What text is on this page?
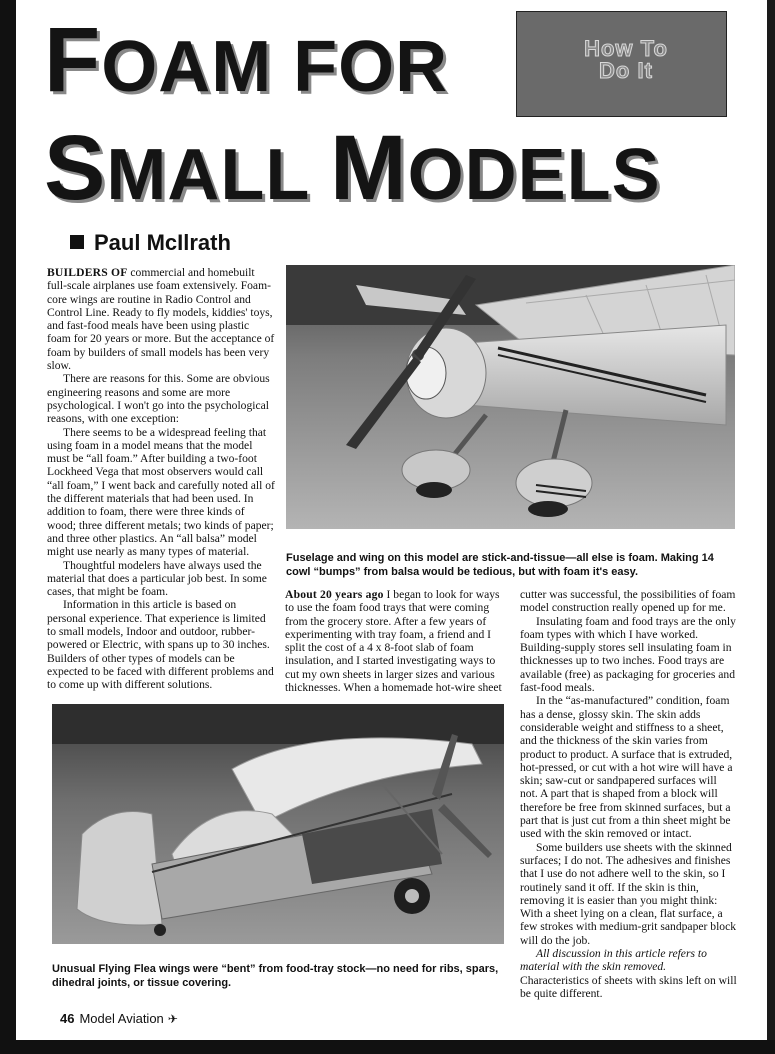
FOAM FOR
SMALL MODELS
How To
Do It
Paul McIlrath

BUILDERS OF commercial and homebuilt full-scale airplanes use foam extensively. Foam-core wings are routine in Radio Control and Control Line. Ready to fly models, kiddies' toys, and fast-food meals have been using plastic foam for 20 years or more. But the acceptance of foam by builders of small models has been very slow.

There are reasons for this. Some are obvious engineering reasons and some are more psychological. I won't go into the psychological reasons, with one exception:

There seems to be a widespread feeling that using foam in a model means that the model must be “all foam.” After building a two-foot Lockheed Vega that most observers would call “all foam,” I went back and carefully noted all of the different materials that had been used. In addition to foam, there were three kinds of wood; three different metals; two kinds of paper; and three other plastics. An “all balsa” model might use nearly as many types of material.

Thoughtful modelers have always used the material that does a particular job best. In some cases, that might be foam.

Information in this article is based on personal experience. That experience is limited to small models, Indoor and outdoor, rubber-powered or Electric, with spans up to 30 inches. Builders of other types of models can be expected to be faced with different problems and to come up with different solutions.

Fuselage and wing on this model are stick-and-tissue—all else is foam. Making 14 cowl “bumps” from balsa would be tedious, but with foam it's easy.

About 20 years ago I began to look for ways to use the foam food trays that were coming from the grocery store. After a few years of experimenting with tray foam, a friend and I split the cost of a 4 x 8-foot slab of foam insulation, and I started investigating ways to cut my own sheets in larger sizes and various thicknesses. When a homemade hot-wire sheet

cutter was successful, the possibilities of foam model construction really opened up for me.

Insulating foam and food trays are the only foam types with which I have worked. Building-supply stores sell insulating foam in thicknesses up to two inches. Food trays are available (free) as packaging for groceries and fast-food meals.

In the “as-manufactured” condition, foam has a dense, glossy skin. The skin adds considerable weight and stiffness to a sheet, and the thickness of the skin varies from product to product. A surface that is extruded, hot-pressed, or cut with a hot wire will have a skin; saw-cut or sandpapered surfaces will not. A part that is shaped from a block will therefore be free from skinned surfaces, but a part that is just cut from a thin sheet might be used with the skin removed or intact.

Some builders use sheets with the skinned surfaces; I do not. The adhesives and finishes that I use do not adhere well to the skin, so I routinely sand it off. If the skin is thin, removing it is easier than you might think: With a sheet lying on a clean, flat surface, a few strokes with medium-grit sandpaper block will do the job.

All discussion in this article refers to material with the skin removed.

Characteristics of sheets with skins left on will be quite different.

Unusual Flying Flea wings were “bent” from food-tray stock—no need for ribs, spars, dihedral joints, or tissue covering.
46 Model Aviation ✈
